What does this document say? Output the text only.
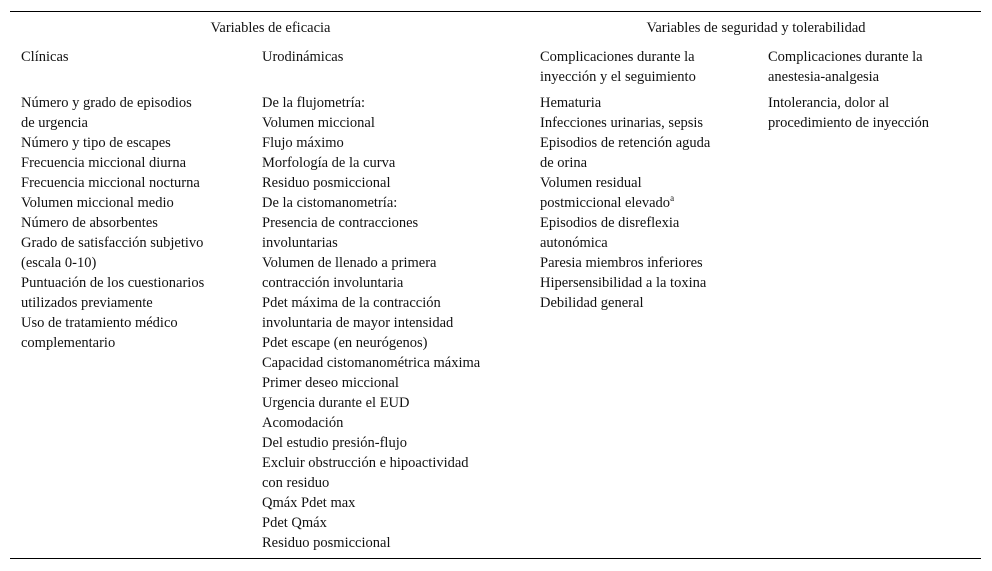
Variables de eficacia	Variables de seguridad y tolerabilidad
Clínicas
Número y grado de episodios
de urgencia
Número y tipo de escapes
Frecuencia miccional diurna
Frecuencia miccional nocturna
Volumen miccional medio
Número de absorbentes
Grado de satisfacción subjetivo
(escala 0-10)
Puntuación de los cuestionarios
utilizados previamente
Uso de tratamiento médico
complementario
Urodinámicas
De la flujometría:
Volumen miccional
Flujo máximo
Morfología de la curva
Residuo posmiccional
De la cistomanometría:
Presencia de contracciones
involuntarias
Volumen de llenado a primera
contracción involuntaria
Pdet máxima de la contracción
involuntaria de mayor intensidad
Pdet escape (en neurógenos)
Capacidad cistomanométrica máxima
Primer deseo miccional
Urgencia durante el EUD
Acomodación
Del estudio presión-flujo
Excluir obstrucción e hipoactividad
con residuo
Qmáx Pdet max
Pdet Qmáx
Residuo posmiccional
Complicaciones durante la
inyección y el seguimiento
Hematuria
Infecciones urinarias, sepsis
Episodios de retención aguda
de orina
Volumen residual
postmiccional elevado$^a$
Episodios de disreflexia
autonómica
Paresia miembros inferiores
Hipersensibilidad a la toxina
Debilidad general
Complicaciones durante la
anestesia-analgesia
Intolerancia, dolor al
procedimiento de inyección
